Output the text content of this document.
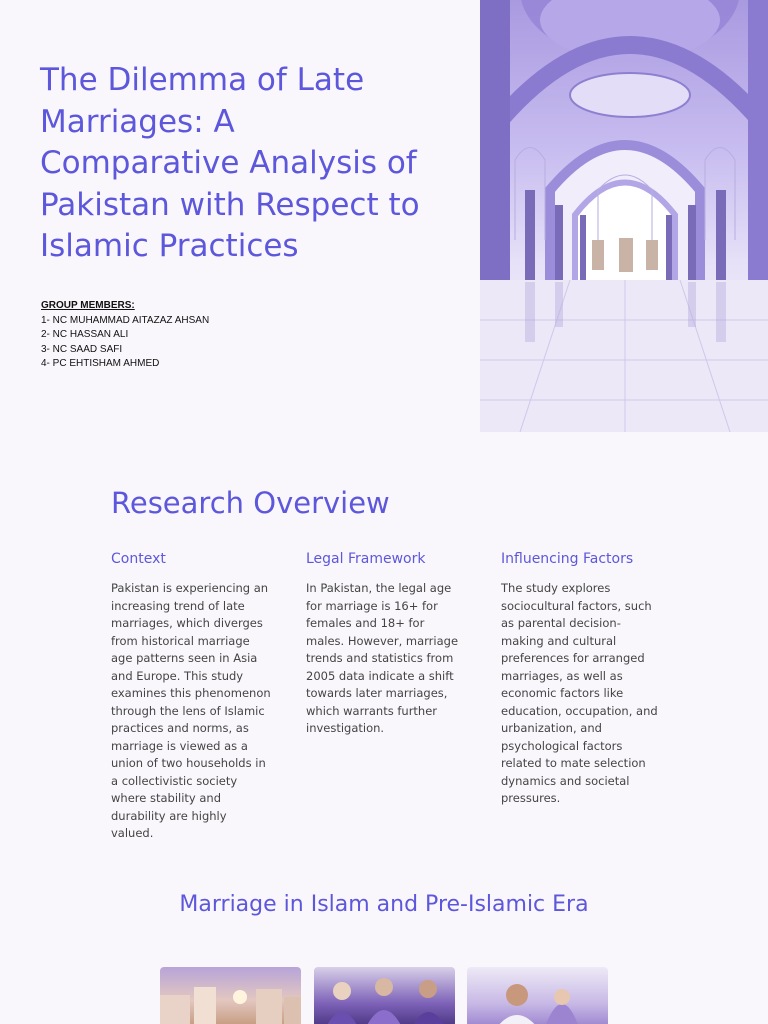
The Dilemma of Late Marriages: A Comparative Analysis of Pakistan with Respect to Islamic Practices
GROUP MEMBERS:
1- NC MUHAMMAD AITAZAZ AHSAN
2- NC HASSAN ALI
3- NC SAAD SAFI
4- PC EHTISHAM AHMED
Research Overview
Context

Pakistan is experiencing an increasing trend of late marriages, which diverges from historical marriage age patterns seen in Asia and Europe. This study examines this phenomenon through the lens of Islamic practices and norms, as marriage is viewed as a union of two households in a collectivistic society where stability and durability are highly valued.

Legal Framework

In Pakistan, the legal age for marriage is 16+ for females and 18+ for males. However, marriage trends and statistics from 2005 data indicate a shift towards later marriages, which warrants further investigation.

Influencing Factors

The study explores sociocultural factors, such as parental decision-making and cultural preferences for arranged marriages, as well as economic factors like education, occupation, and urbanization, and psychological factors related to mate selection dynamics and societal pressures.

Marriage in Islam and Pre-Islamic Era
